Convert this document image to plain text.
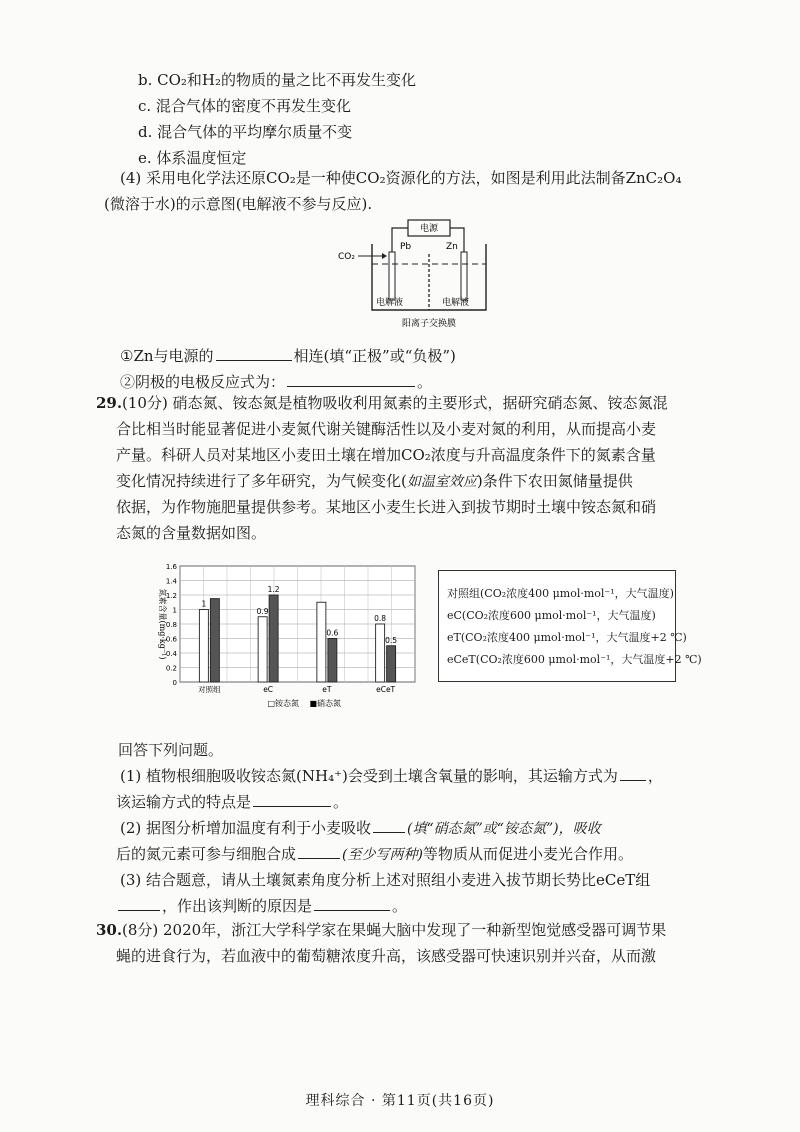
b. CO₂和H₂的物质的量之比不再发生变化
c. 混合气体的密度不再发生变化
d. 混合气体的平均摩尔质量不变
e. 体系温度恒定
(4) 采用电化学法还原CO₂是一种使CO₂资源化的方法，如图是利用此法制备ZnC₂O₄
(微溶于水)的示意图(电解液不参与反应).
电源
Pb	Zn
CO₂
电解液	电解液
阳离子交换膜
①Zn与电源的	相连(填“正极”或“负极”)
②阴极的电极反应式为：	。
29. (10分) 硝态氮、铵态氮是植物吸收利用氮素的主要形式，据研究硝态氮、铵态氮混
合比相当时能显著促进小麦氮代谢关键酶活性以及小麦对氮的利用，从而提高小麦
产量。科研人员对某地区小麦田土壤在增加CO₂浓度与升高温度条件下的氮素含量
变化情况持续进行了多年研究，为气候变化(如温室效应)条件下农田氮储量提供
依据，为作物施肥量提供参考。某地区小麦生长进入到拔节期时土壤中铵态氮和硝
态氮的含量数据如图。
0
0.2
0.4
0.6
0.8
1
1.2
1.4
1.6
1
对照组
0.9
1.2
eC
0.6
eT
0.8
0.5
eCeT
氮素含量(mg·kg⁻¹)
□铵态氮 ■硝态氮
对照组(CO₂浓度400 μmol·mol⁻¹，大气温度)
eC(CO₂浓度600 μmol·mol⁻¹，大气温度)
eT(CO₂浓度400 μmol·mol⁻¹，大气温度+2 ℃)
eCeT(CO₂浓度600 μmol·mol⁻¹，大气温度+2 ℃)
回答下列问题。
(1) 植物根细胞吸收铵态氮(NH₄⁺)会受到土壤含氧量的影响，其运输方式为 ，
该运输方式的特点是	。
(2) 据图分析增加温度有利于小麦吸收	(填“硝态氮”或“铵态氮”)，吸收
后的氮元素可参与细胞合成	(至少写两种)等物质从而促进小麦光合作用。
(3) 结合题意，请从土壤氮素角度分析上述对照组小麦进入拔节期长势比eCeT组
，作出该判断的原因是	。
30. (8分) 2020年，浙江大学科学家在果蝇大脑中发现了一种新型饱觉感受器可调节果
蝇的进食行为，若血液中的葡萄糖浓度升高，该感受器可快速识别并兴奋，从而激
理科综合 · 第11页(共16页)
